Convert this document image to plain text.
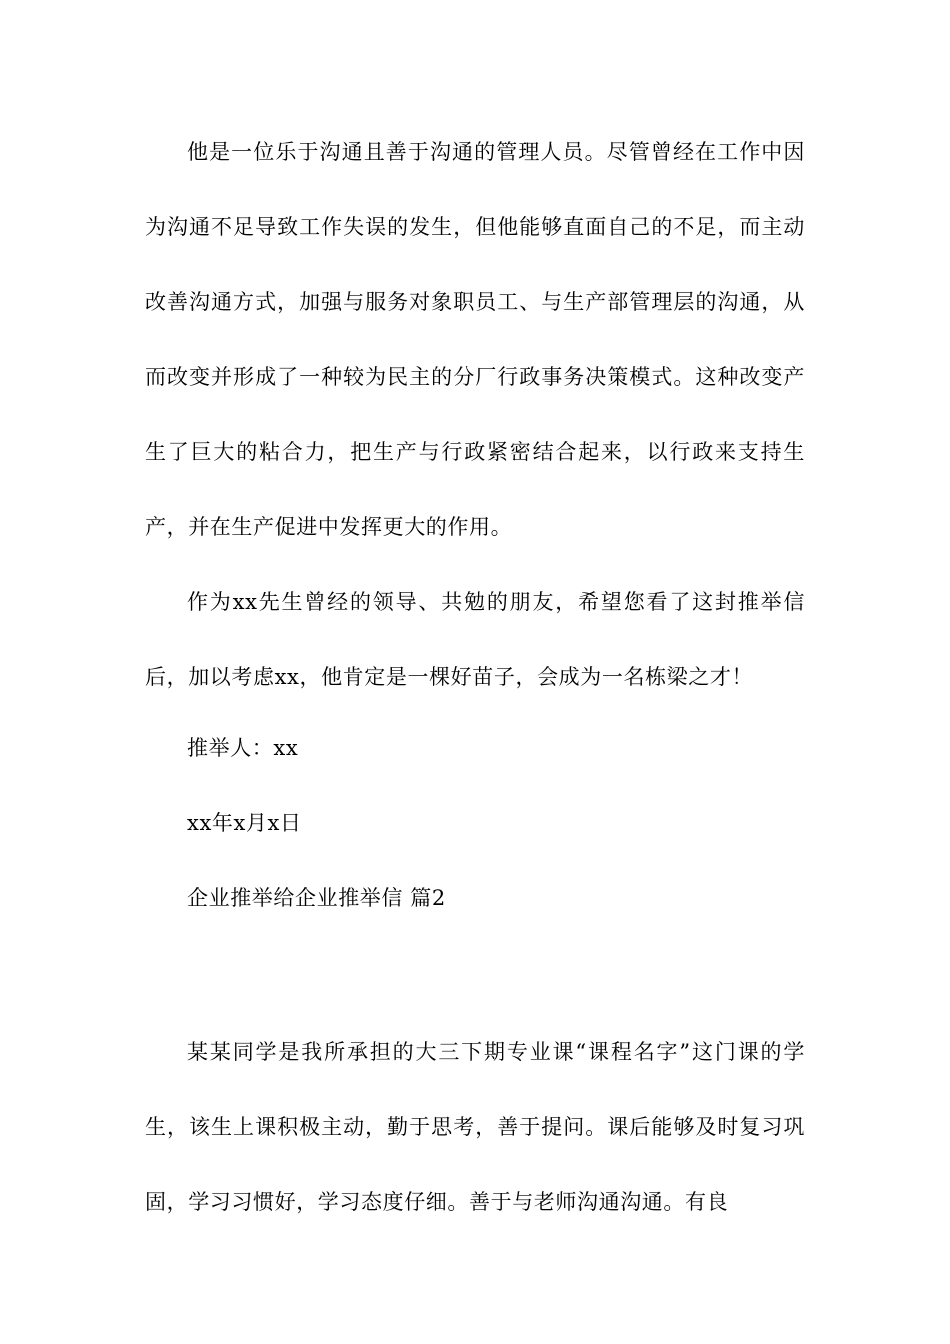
他是一位乐于沟通且善于沟通的管理人员。尽管曾经在工作中因为沟通不足导致工作失误的发生，但他能够直面自己的不足，而主动改善沟通方式，加强与服务对象职员工、与生产部管理层的沟通，从而改变并形成了一种较为民主的分厂行政事务决策模式。这种改变产生了巨大的粘合力，把生产与行政紧密结合起来，以行政来支持生产，并在生产促进中发挥更大的作用。

作为xx先生曾经的领导、共勉的朋友，希望您看了这封推举信后，加以考虑xx，他肯定是一棵好苗子，会成为一名栋梁之才！

推举人：xx

xx年x月x日

企业推举给企业推举信 篇2

某某同学是我所承担的大三下期专业课“课程名字”这门课的学生，该生上课积极主动，勤于思考，善于提问。课后能够及时复习巩固，学习习惯好，学习态度仔细。善于与老师沟通沟通。有良
